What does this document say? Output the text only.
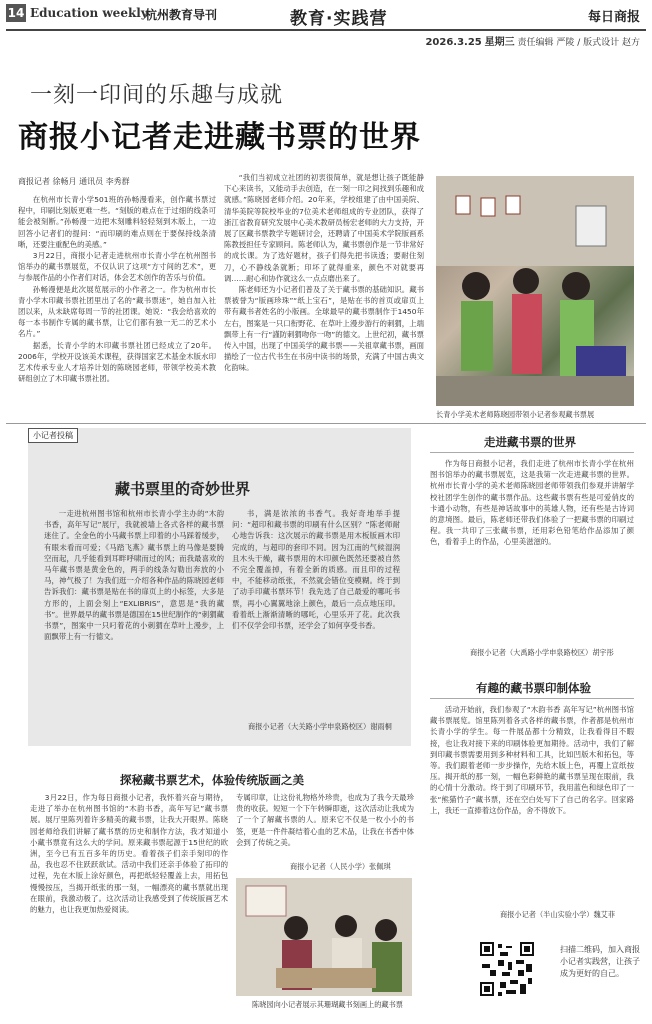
14 Education weekly
杭州教育导刊	教育·实践营	每日商报
2026.3.25 星期三 责任编辑 严陵 / 版式设计 赵方
一刻一印间的乐趣与成就
商报小记者走进藏书票的世界
商报记者 徐畅月 通讯员 李秀群

在杭州市长青小学501班的孙畅漫看来，创作藏书票过程中，印刷比刻版更难一些。“刻版的难点在于过细的线条可能会被刻断。”孙畅漫一边把木刻雕料轻轻刻到木版上，一边回答小记者们的提问：“而印刷的难点则在于要保持线条清晰，还要注重配色的美感。”

3月22日，商报小记者走进杭州市长青小学在杭州图书馆举办的藏书票展览，不仅认识了这项“方寸间的艺术”，更与参展作品的小作者们对话，体会艺术创作的苦乐与价值。

孙畅漫便是此次展览展示的小作者之一。作为杭州市长青小学木印藏书票社团里出了名的“藏书票迷”，她自加入社团以来，从未缺席每周一节的社团课。她说：“我会给喜欢的每一本书制作专属的藏书票，让它们都有独一无二的艺术小名片。”

据悉，长青小学的木印藏书票社团已经成立了20年。2006年，学校开设该美术课程，获得国家艺术基金木版水印艺术传承专业人才培养计划的陈晓园老师，带领学校美术教研组创立了木印藏书票社团。

“我们当初成立社团的初衷很简单，就是想让孩子既能静下心来读书，又能动手去创造，在一刻一印之间找到乐趣和成就感。”陈晓园老师介绍。20年来，学校组建了由中国美院、清华美院等院校毕业的7位美术老师组成的专业团队，获得了浙江省教育研究发展中心美术教研员杨宏老师的大力支持，开展了区藏书票教学专题研讨会，还聘请了中国美术学院版画系陈教授担任专家顾问。陈老师认为，藏书票创作是一节非常好的成长课。为了选好题材，孩子们得先把书读透；要耐住刻刀，心不静线条就断；印坏了就得重来，颜色不对就要再调……耐心和协作就这么一点点磨出来了。

陈老师还为小记者们普及了关于藏书票的基础知识。藏书票被誉为“版画珍珠”“纸上宝石”，是贴在书的首页或扉页上带有藏书者姓名的小版画。全球最早的藏书票制作于1450年左右，图案是一只口衔野花、在草叶上漫步游行的刺猬，上端飘带上有一行“謹防刺猬吻你一吻”的德文。上世纪初，藏书票传入中国，出现了中国美学的藏书票——关祖章藏书票，画面描绘了一位古代书生在书房中读书的场景，充满了中国古典文化韵味。

长青小学美术老师陈晓园带领小记者参观藏书票展
小记者投稿
藏书票里的奇妙世界
一走进杭州图书馆和杭州市长青小学主办的“木韵书香，高年写记”展厅，我就被墙上各式各样的藏书票迷住了。全金色的小马藏书票上印着的小马踩着缓步，有眼未看而可爱；《马踏飞燕》藏书票上的马像是要腾空而起，几乎能看到耳畔呼啸而过的风；而我最喜欢的马年藏书票是黄金色的，两手的线条勾勒出奔放的小马，神气极了！为我们逛一介绍各种作品的陈晓园老师告诉我们：藏书票是贴在书的扉页上的小标签，大多是方形的，上面会刻上“EXLIBRIS”，意思是“我的藏书”。世界最早的藏书票是德国在15世纪制作的“刺猬藏书票”，图案中一只叼着花的小刺猬在草叶上漫步，上面飘带上有一行德文。
书，满是浓浓的书香气。我好奇地举手提问：“超印和藏书票的印刷有什么区别？”陈老师耐心地告诉我：这次展示的藏书票是用木板版画木印完成的，与超印的套印不同。因为江南的气候湿润且木头干燥，藏书票用的木印颜色既然还要被自然不完全覆盖掉，有着全新的质感。而且印的过程中，不能移动纸张，不然就会错位变模糊。终于到了动手印藏书票环节！我先选了自己最爱的哪吒书票，再小心翼翼地涂上颜色，最后一点点地压印。看着纸上渐渐清晰的哪吒，心里乐开了花。此次我们不仅学会印书票，还学会了如何享受书香。
商报小记者（大关路小学申泉路校区）谢雨桐
探秘藏书票艺术，体验传统版画之美
3月22日，作为每日商报小记者，我怀着兴奋与期待，走进了举办在杭州图书馆的“木韵书香，高年写记”藏书票展。展厅里陈列着许多精美的藏书票，让我大开眼界。陈晓园老师给我们讲解了藏书票的历史和制作方法，我才知道小小藏书票竟有这么大的学问。原来藏书票起源于15世纪的欧洲，至今已有五百多年的历史。看着孩子们亲手刻印的作品，我也忍不住跃跃欲试。活动中我们还亲手体验了拓印的过程，先在木版上涂好颜色，再把纸轻轻覆盖上去，用拓包慢慢按压，当揭开纸张的那一刻，一幅漂亮的藏书票就出现在眼前，我激动极了。这次活动让我感受到了传统版画艺术的魅力，也让我更加热爱阅读。
专属印章，让这份礼物格外珍贵，也成为了我今天最珍贵的收获。短短一个下午转瞬即逝，这次活动让我成为了一个了解藏书票的人。原来它不仅是一枚小小的书签，更是一件件凝结着心血的艺术品，让我在书香中体会到了传统之美。
商报小记者（人民小学）张佩琪
陈晓园向小记者展示其珊瑚藏书刻画上的藏书票
走进藏书票的世界
作为每日商报小记者，我们走进了杭州市长青小学在杭州图书馆举办的藏书票展览，这是我第一次走进藏书票的世界。杭州市长青小学的美术老师陈晓园老师带领我们参观并讲解学校社团学生创作的藏书票作品。这些藏书票有些是可爱俏皮的卡通小动物，有些是神话故事中的英雄人物，还有些是古诗词的意境图。最后，陈老师还带我们体验了一把藏书票的印刷过程。我一共印了三张藏书票，还用彩色铅笔给作品添加了颜色，看着手上的作品，心里美滋滋的。
商报小记者（大禹路小学申泉路校区）胡宇彤
有趣的藏书票印制体验
活动开始前，我们参观了“木韵书香 高年写记”杭州图书馆藏书票展览。馆里陈列着各式各样的藏书票，作者都是杭州市长青小学的学生。每一件展品都十分精致，让我看得目不暇接，也让我对接下来的印刷体验更加期待。活动中，我们了解到印藏书票需要用到多种材料和工具，比如凹版木和拓包，等等。我们跟着老师一步步操作，先给木版上色，再覆上宣纸按压。揭开纸的那一刻，一幅色彩鲜艳的藏书票呈现在眼前，我的心情十分激动。终于到了印刷环节，我用蓝色和绿色印了一张“熊猫竹子”藏书票，还在空白处写下了自己的名字。回家路上，我还一直捧着这份作品，舍不得放下。
商报小记者（半山实验小学）魏艾菲
扫描二维码，加入商报小记者实践营，让孩子成为更好的自己。
